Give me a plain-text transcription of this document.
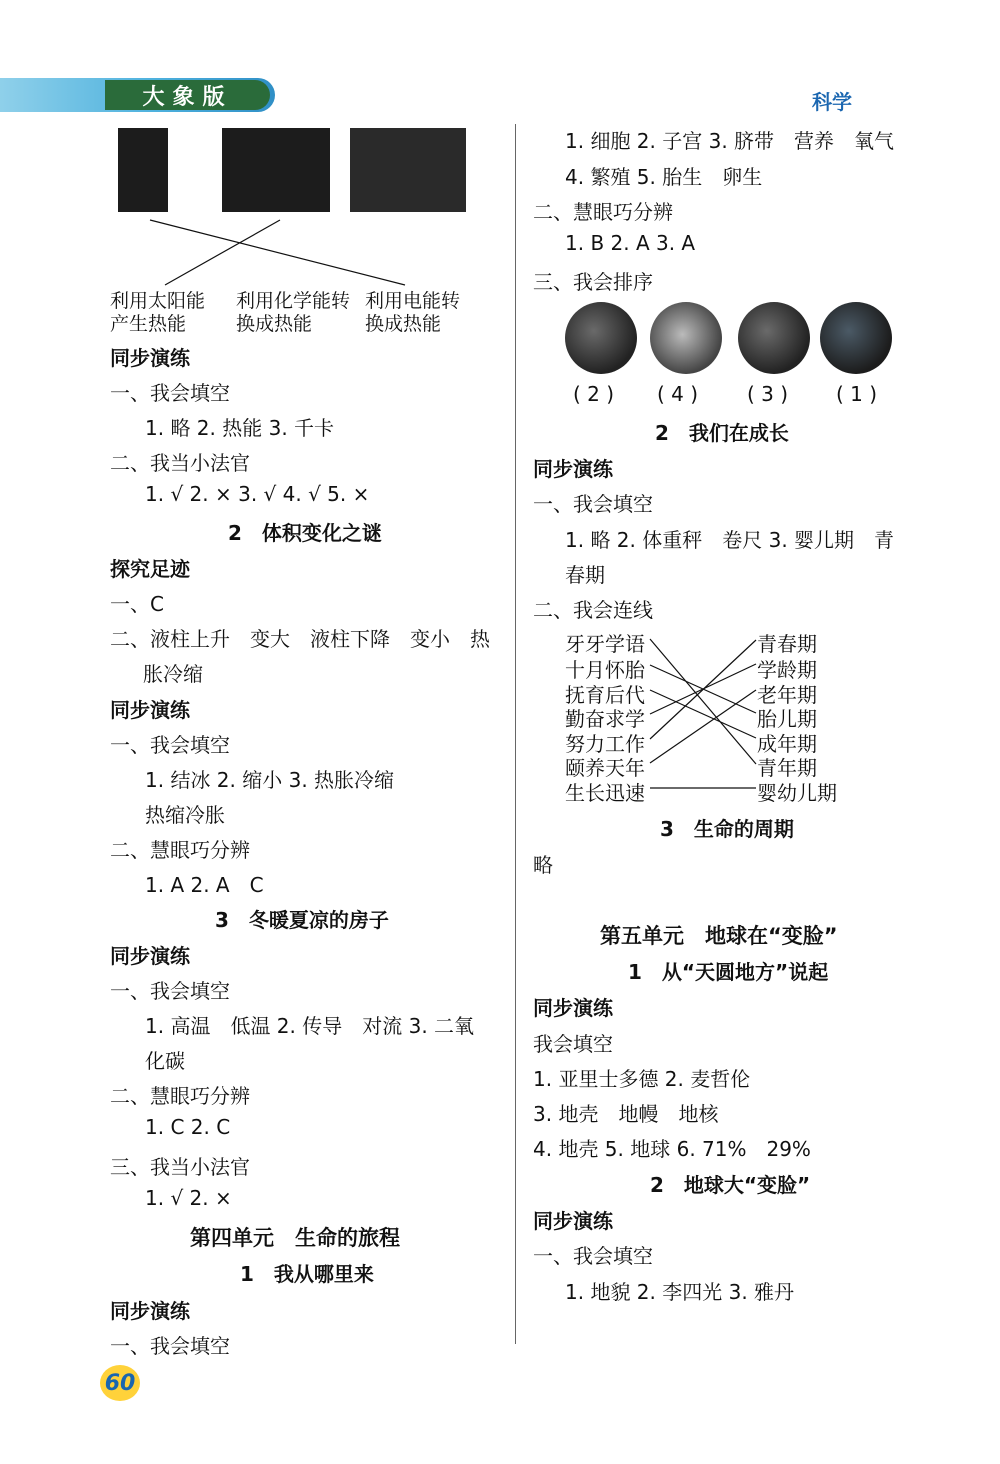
大象版	科学
利用太阳能
产生热能
利用化学能转
换成热能
利用电能转
换成热能
同步演练
一、我会填空
1. 略 2. 热能 3. 千卡
二、我当小法官
1. √ 2. × 3. √ 4. √ 5. ×
2　体积变化之谜
探究足迹
一、C
二、液柱上升　变大　液柱下降　变小　热
胀冷缩
同步演练
一、我会填空
1. 结冰 2. 缩小 3. 热胀冷缩
热缩冷胀
二、慧眼巧分辨
1. A 2. A　C
3　冬暖夏凉的房子
同步演练
一、我会填空
1. 高温　低温 2. 传导　对流 3. 二氧
化碳
二、慧眼巧分辨
1. C 2. C
三、我当小法官
1. √ 2. ×
第四单元　生命的旅程
1　我从哪里来
同步演练
一、我会填空
1. 细胞 2. 子宫 3. 脐带　营养　氧气
4. 繁殖 5. 胎生　卵生
二、慧眼巧分辨
1. B 2. A 3. A
三、我会排序
( 2 ) ( 4 ) ( 3 ) ( 1 )
2　我们在成长
同步演练
一、我会填空
1. 略 2. 体重秤　卷尺 3. 婴儿期　青
春期
二、我会连线
牙牙学语
十月怀胎
抚育后代
勤奋求学
努力工作
颐养天年
生长迅速
青春期
学龄期
老年期
胎儿期
成年期
青年期
婴幼儿期
3　生命的周期
略
第五单元　地球在“变脸”
1　从“天圆地方”说起
同步演练
我会填空
1. 亚里士多德 2. 麦哲伦
3. 地壳　地幔　地核
4. 地壳 5. 地球 6. 71%　29%
2　地球大“变脸”
同步演练
一、我会填空
1. 地貌 2. 李四光 3. 雅丹
60
